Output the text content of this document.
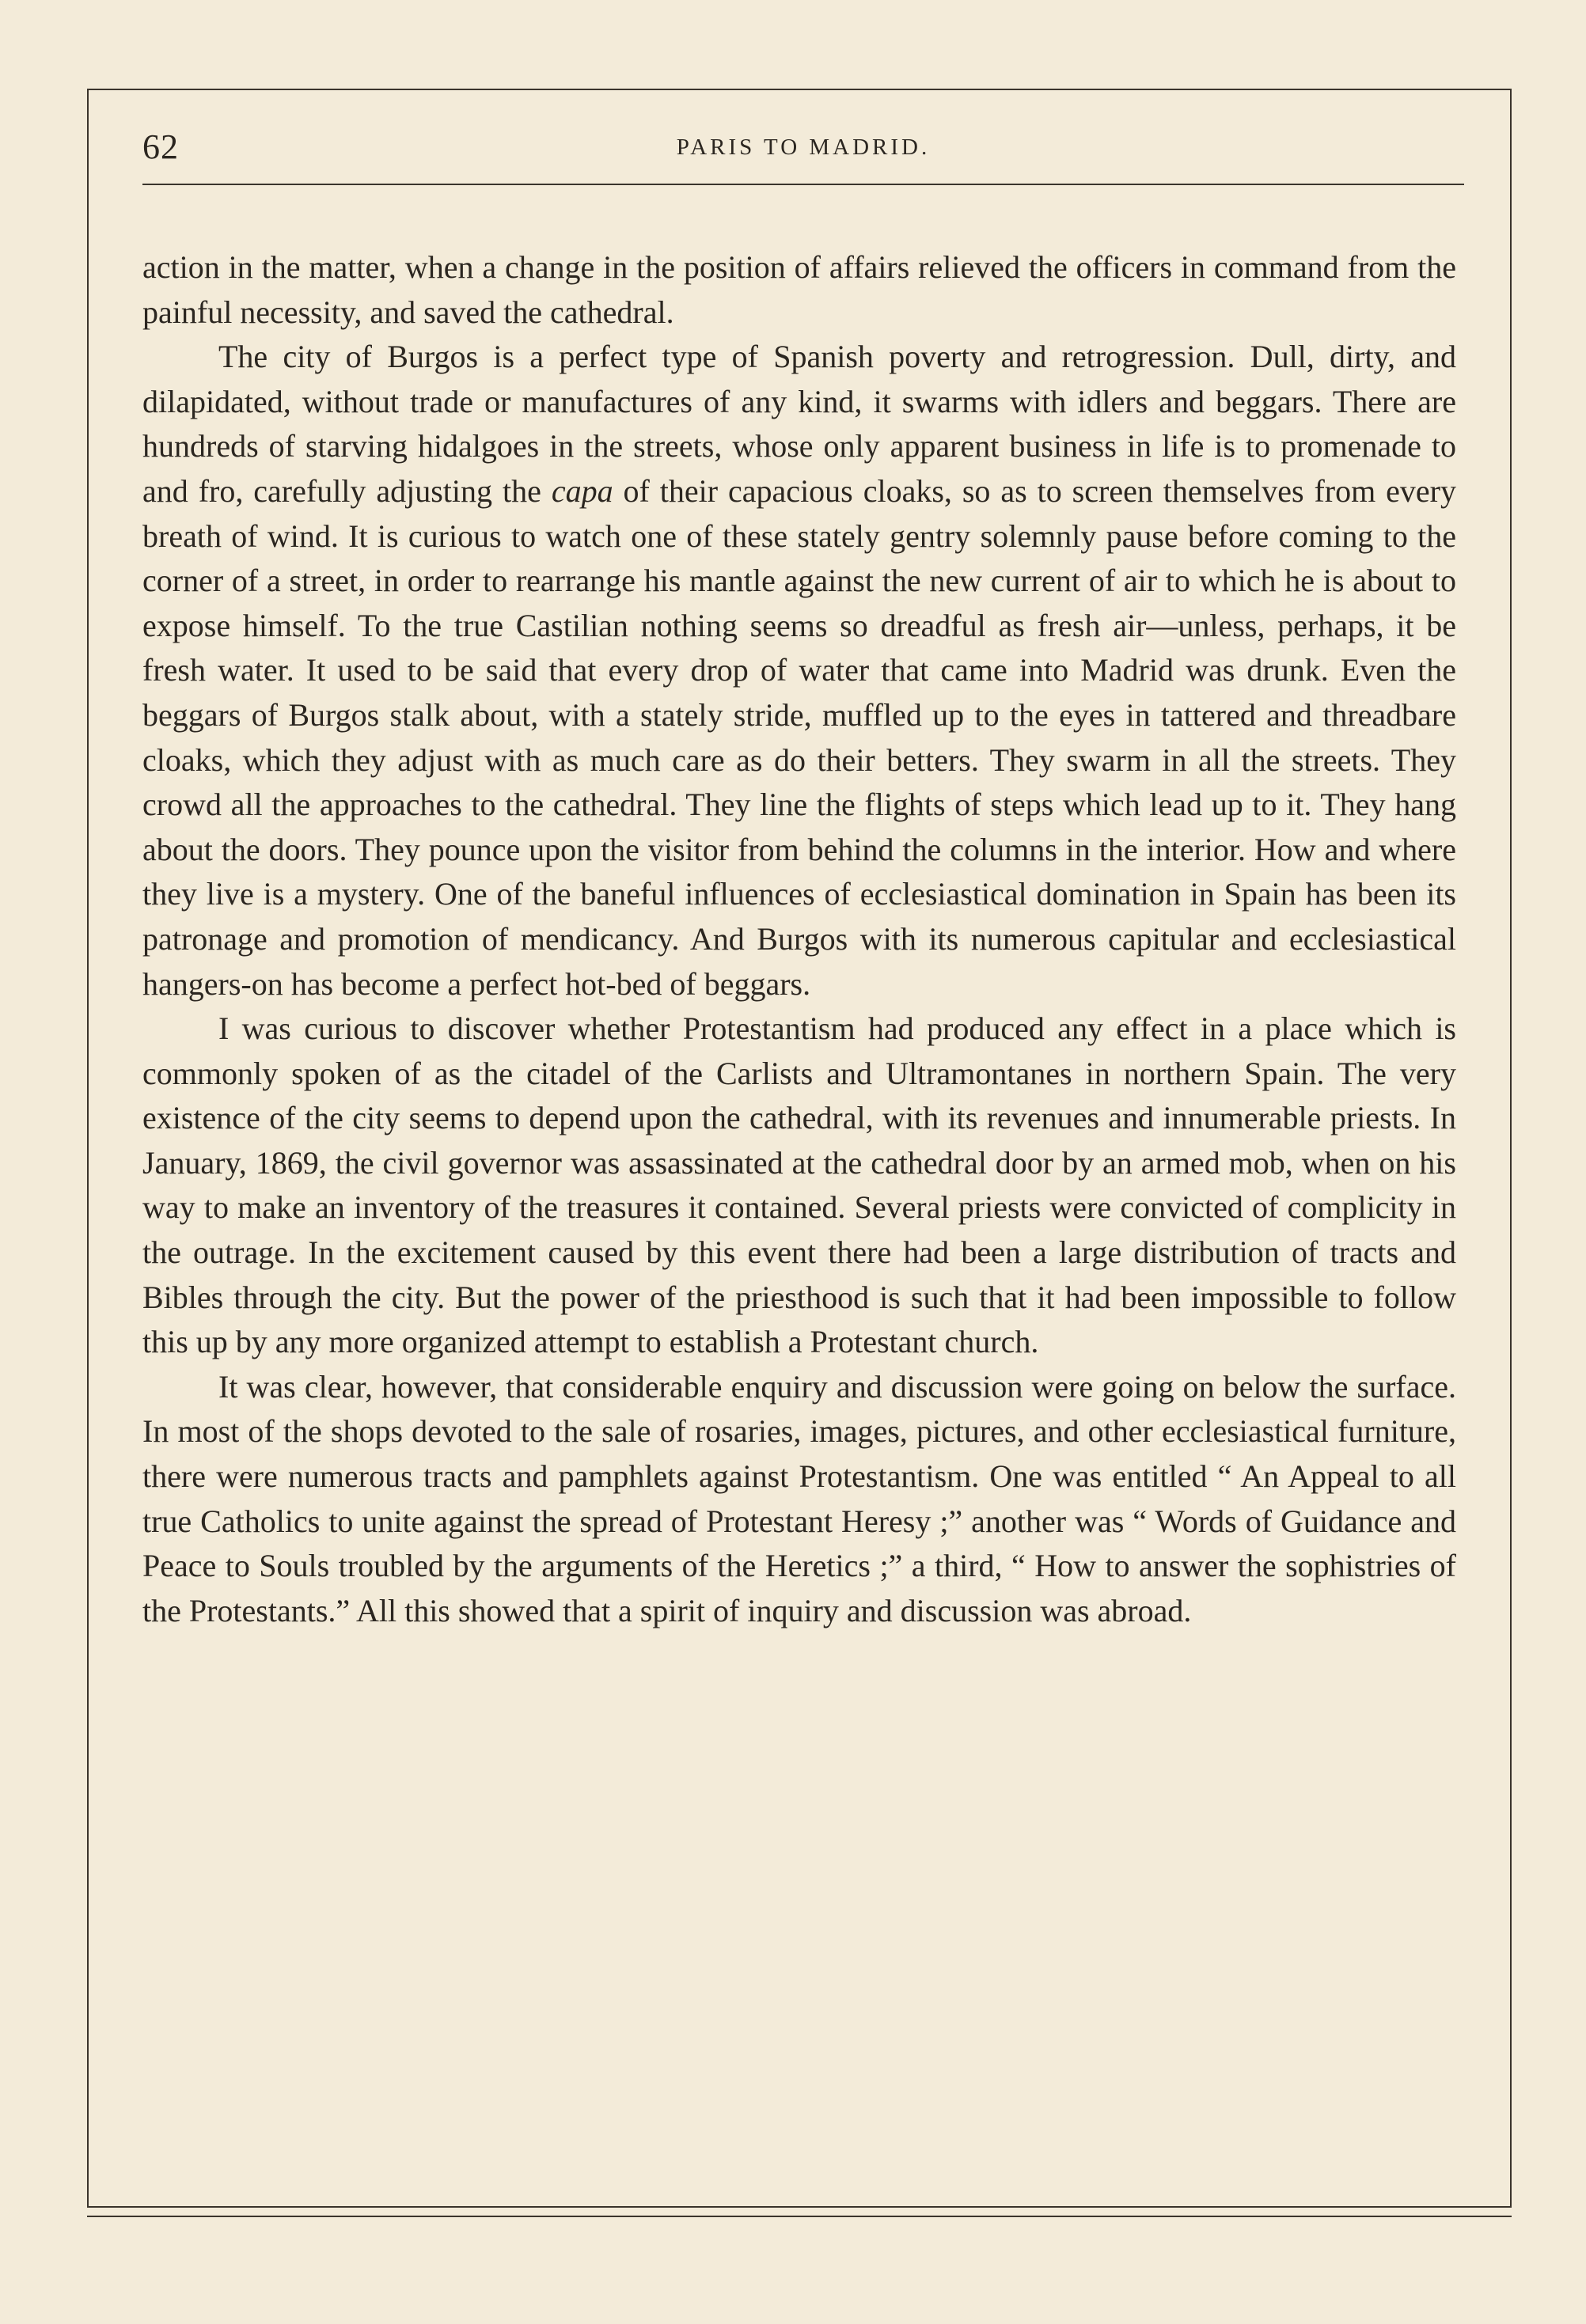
62	PARIS TO MADRID.

action in the matter, when a change in the position of affairs relieved the officers in command from the painful necessity, and saved the cathedral.

The city of Burgos is a perfect type of Spanish poverty and retrogression. Dull, dirty, and dilapidated, without trade or manufactures of any kind, it swarms with idlers and beggars. There are hundreds of starving hidalgoes in the streets, whose only apparent business in life is to promenade to and fro, carefully adjusting the capa of their capacious cloaks, so as to screen themselves from every breath of wind. It is curious to watch one of these stately gentry solemnly pause before coming to the corner of a street, in order to rearrange his mantle against the new current of air to which he is about to expose himself. To the true Castilian nothing seems so dreadful as fresh air—unless, perhaps, it be fresh water. It used to be said that every drop of water that came into Madrid was drunk. Even the beggars of Burgos stalk about, with a stately stride, muffled up to the eyes in tattered and threadbare cloaks, which they adjust with as much care as do their betters. They swarm in all the streets. They crowd all the approaches to the cathedral. They line the flights of steps which lead up to it. They hang about the doors. They pounce upon the visitor from behind the columns in the interior. How and where they live is a mystery. One of the baneful influences of ecclesiastical domination in Spain has been its patronage and promotion of mendicancy. And Burgos with its numerous capitular and ecclesiastical hangers-on has become a perfect hot-bed of beggars.

I was curious to discover whether Protestantism had produced any effect in a place which is commonly spoken of as the citadel of the Carlists and Ultramontanes in northern Spain. The very existence of the city seems to depend upon the cathedral, with its revenues and innumerable priests. In January, 1869, the civil governor was assassinated at the cathedral door by an armed mob, when on his way to make an inventory of the treasures it contained. Several priests were convicted of complicity in the outrage. In the excitement caused by this event there had been a large distribution of tracts and Bibles through the city. But the power of the priesthood is such that it had been impossible to follow this up by any more organized attempt to establish a Protestant church.

It was clear, however, that considerable enquiry and discussion were going on below the surface. In most of the shops devoted to the sale of rosaries, images, pictures, and other ecclesiastical furniture, there were numerous tracts and pamphlets against Protestantism. One was entitled “ An Appeal to all true Catholics to unite against the spread of Protestant Heresy ;” another was “ Words of Guidance and Peace to Souls troubled by the arguments of the Heretics ;” a third, “ How to answer the sophistries of the Protestants.” All this showed that a spirit of inquiry and discussion was abroad.
